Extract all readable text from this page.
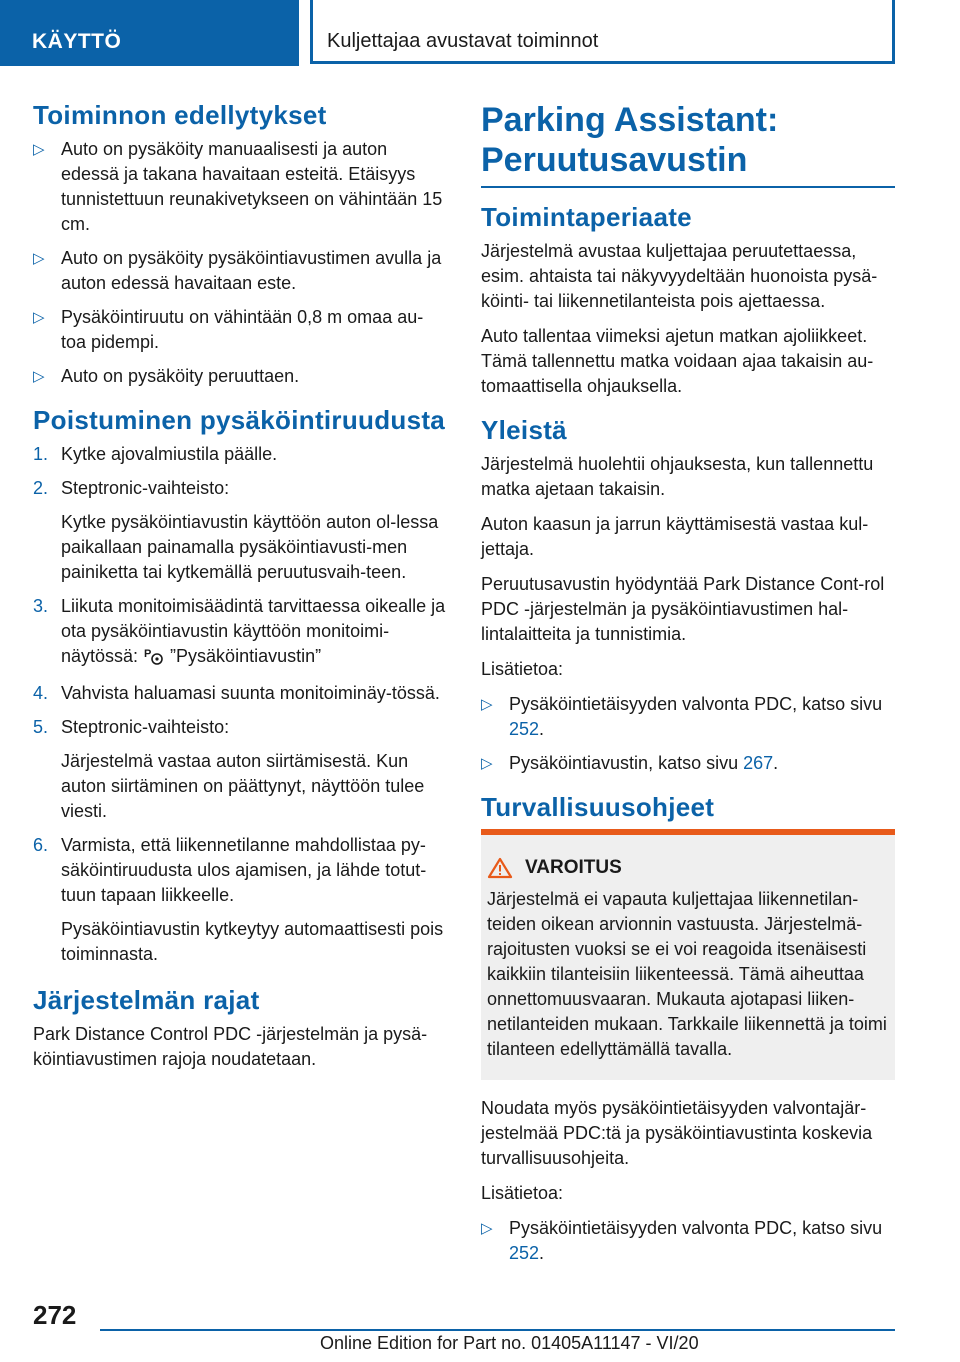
KÄYTTÖ	Kuljettajaa avustavat toiminnot
Toiminnon edellytykset
▷ Auto on pysäköity manuaalisesti ja auton edessä ja takana havaitaan esteitä. Etäisyys tunnistettuun reunakivetykseen on vähintään 15 cm.
▷ Auto on pysäköity pysäköintiavustimen avulla ja auton edessä havaitaan este.
▷ Pysäköintiruutu on vähintään 0,8 m omaa au‐toa pidempi.
▷ Auto on pysäköity peruuttaen.
Poistuminen pysäköintiruudusta
1. Kytke ajovalmiustila päälle.
2. Steptronic-vaihteisto:
Kytke pysäköintiavustin käyttöön auton ol‐lessa paikallaan painamalla pysäköintiavusti‐men painiketta tai kytkemällä peruutusvaih‐teen.
3. Liikuta monitoimisäädintä tarvittaessa oikealle ja ota pysäköintiavustin käyttöön monitoimi‐näytössä: P ”Pysäköintiavustin”
4. Vahvista haluamasi suunta monitoiminäy‐tössä.
5. Steptronic-vaihteisto:
Järjestelmä vastaa auton siirtämisestä. Kun auton siirtäminen on päättynyt, näyttöön tulee viesti.
6. Varmista, että liikennetilanne mahdollistaa py‐säköintiruudusta ulos ajamisen, ja lähde totut‐tuun tapaan liikkeelle.
Pysäköintiavustin kytkeytyy automaattisesti pois toiminnasta.
Järjestelmän rajat

Park Distance Control PDC -järjestelmän ja pysä‐köintiavustimen rajoja noudatetaan.

Parking Assistant: Peruutusavustin
Toimintaperiaate

Järjestelmä avustaa kuljettajaa peruutettaessa, esim. ahtaista tai näkyvyydeltään huonoista pysä‐köinti- tai liikennetilanteista pois ajettaessa.

Auto tallentaa viimeksi ajetun matkan ajoliikkeet. Tämä tallennettu matka voidaan ajaa takaisin au‐tomaattisella ohjauksella.

Yleistä

Järjestelmä huolehtii ohjauksesta, kun tallennettu matka ajetaan takaisin.

Auton kaasun ja jarrun käyttämisestä vastaa kul‐jettaja.

Peruutusavustin hyödyntää Park Distance Cont‐rol PDC -järjestelmän ja pysäköintiavustimen hal‐lintalaitteita ja tunnistimia.

Lisätietoa:

▷ Pysäköintietäisyyden valvonta PDC, katso sivu 252.
▷ Pysäköintiavustin, katso sivu 267.
Turvallisuusohjeet
VAROITUS

Järjestelmä ei vapauta kuljettajaa liikennetilan‐teiden oikean arvionnin vastuusta. Järjestelmä‐rajoitusten vuoksi se ei voi reagoida itsenäisesti kaikkiin tilanteisiin liikenteessä. Tämä aiheuttaa onnettomuusvaaran. Mukauta ajotapasi liiken‐netilanteiden mukaan. Tarkkaile liikennettä ja toimi tilanteen edellyttämällä tavalla.

Noudata myös pysäköintietäisyyden valvontajär‐jestelmää PDC:tä ja pysäköintiavustinta koskevia turvallisuusohjeita.

Lisätietoa:

▷ Pysäköintietäisyyden valvonta PDC, katso sivu 252.
272
Online Edition for Part no. 01405A11147 - VI/20
